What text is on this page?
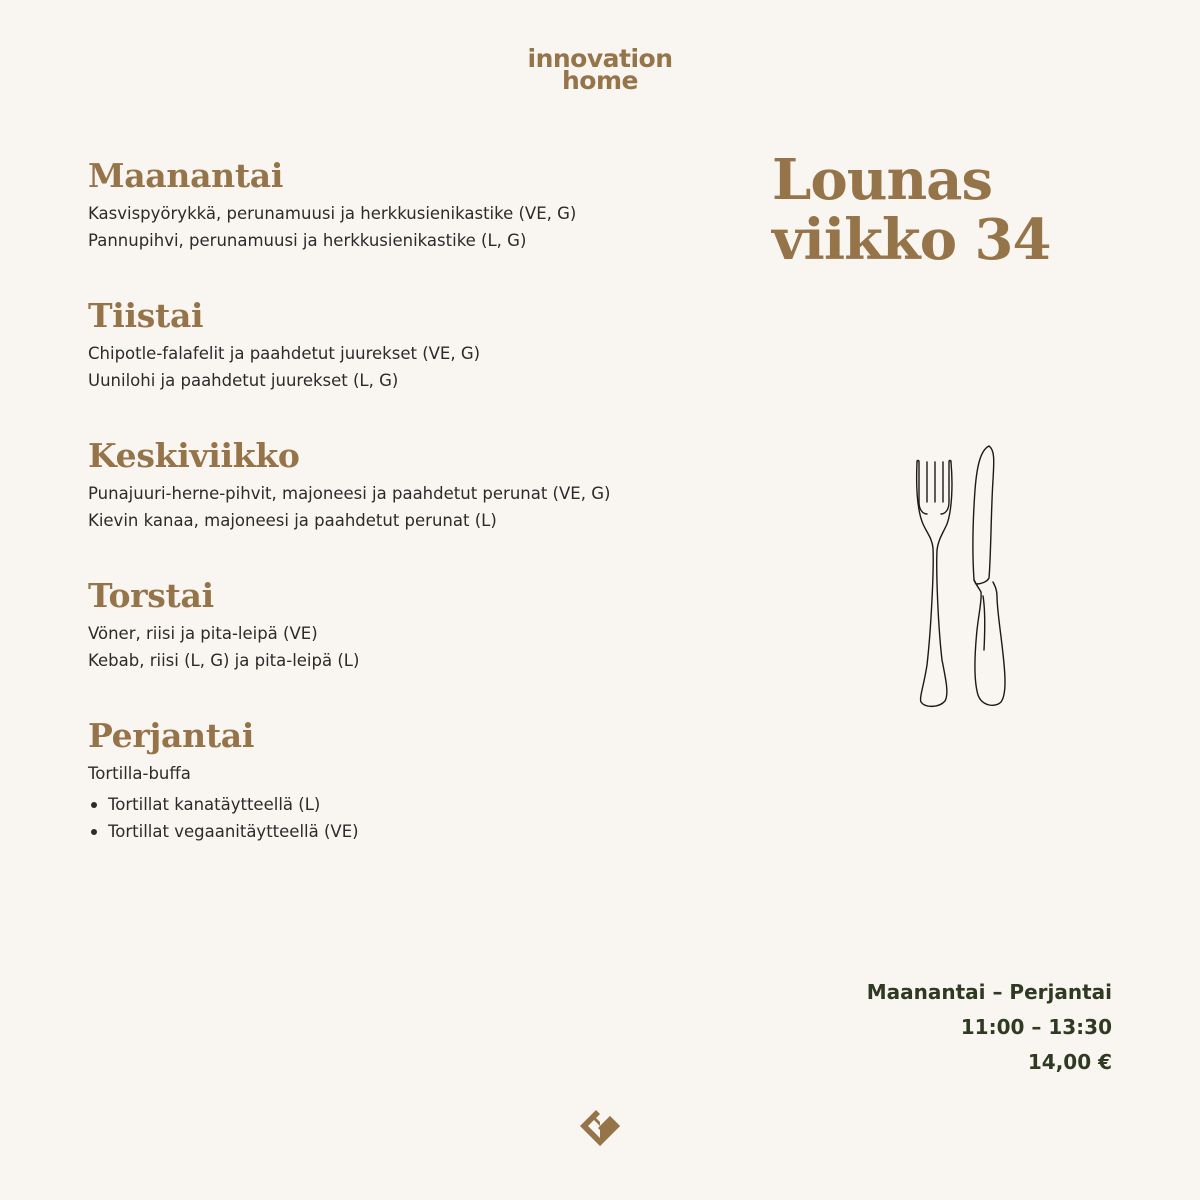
innovation
home
Maanantai
Kasvispyörykkä, perunamuusi ja herkkusienikastike (VE, G)
Pannupihvi, perunamuusi ja herkkusienikastike (L, G)
Tiistai
Chipotle-falafelit ja paahdetut juurekset (VE, G)
Uunilohi ja paahdetut juurekset (L, G)
Keskiviikko
Punajuuri-herne-pihvit, majoneesi ja paahdetut perunat (VE, G)
Kievin kanaa, majoneesi ja paahdetut perunat (L)
Torstai
Vöner, riisi ja pita-leipä (VE)
Kebab, riisi (L, G) ja pita-leipä (L)
Perjantai
Tortilla-buffa
Tortillat kanatäytteellä (L)
Tortillat vegaanitäytteellä (VE)
Lounas
viikko 34
Maanantai – Perjantai
11:00 – 13:30
14,00 €
